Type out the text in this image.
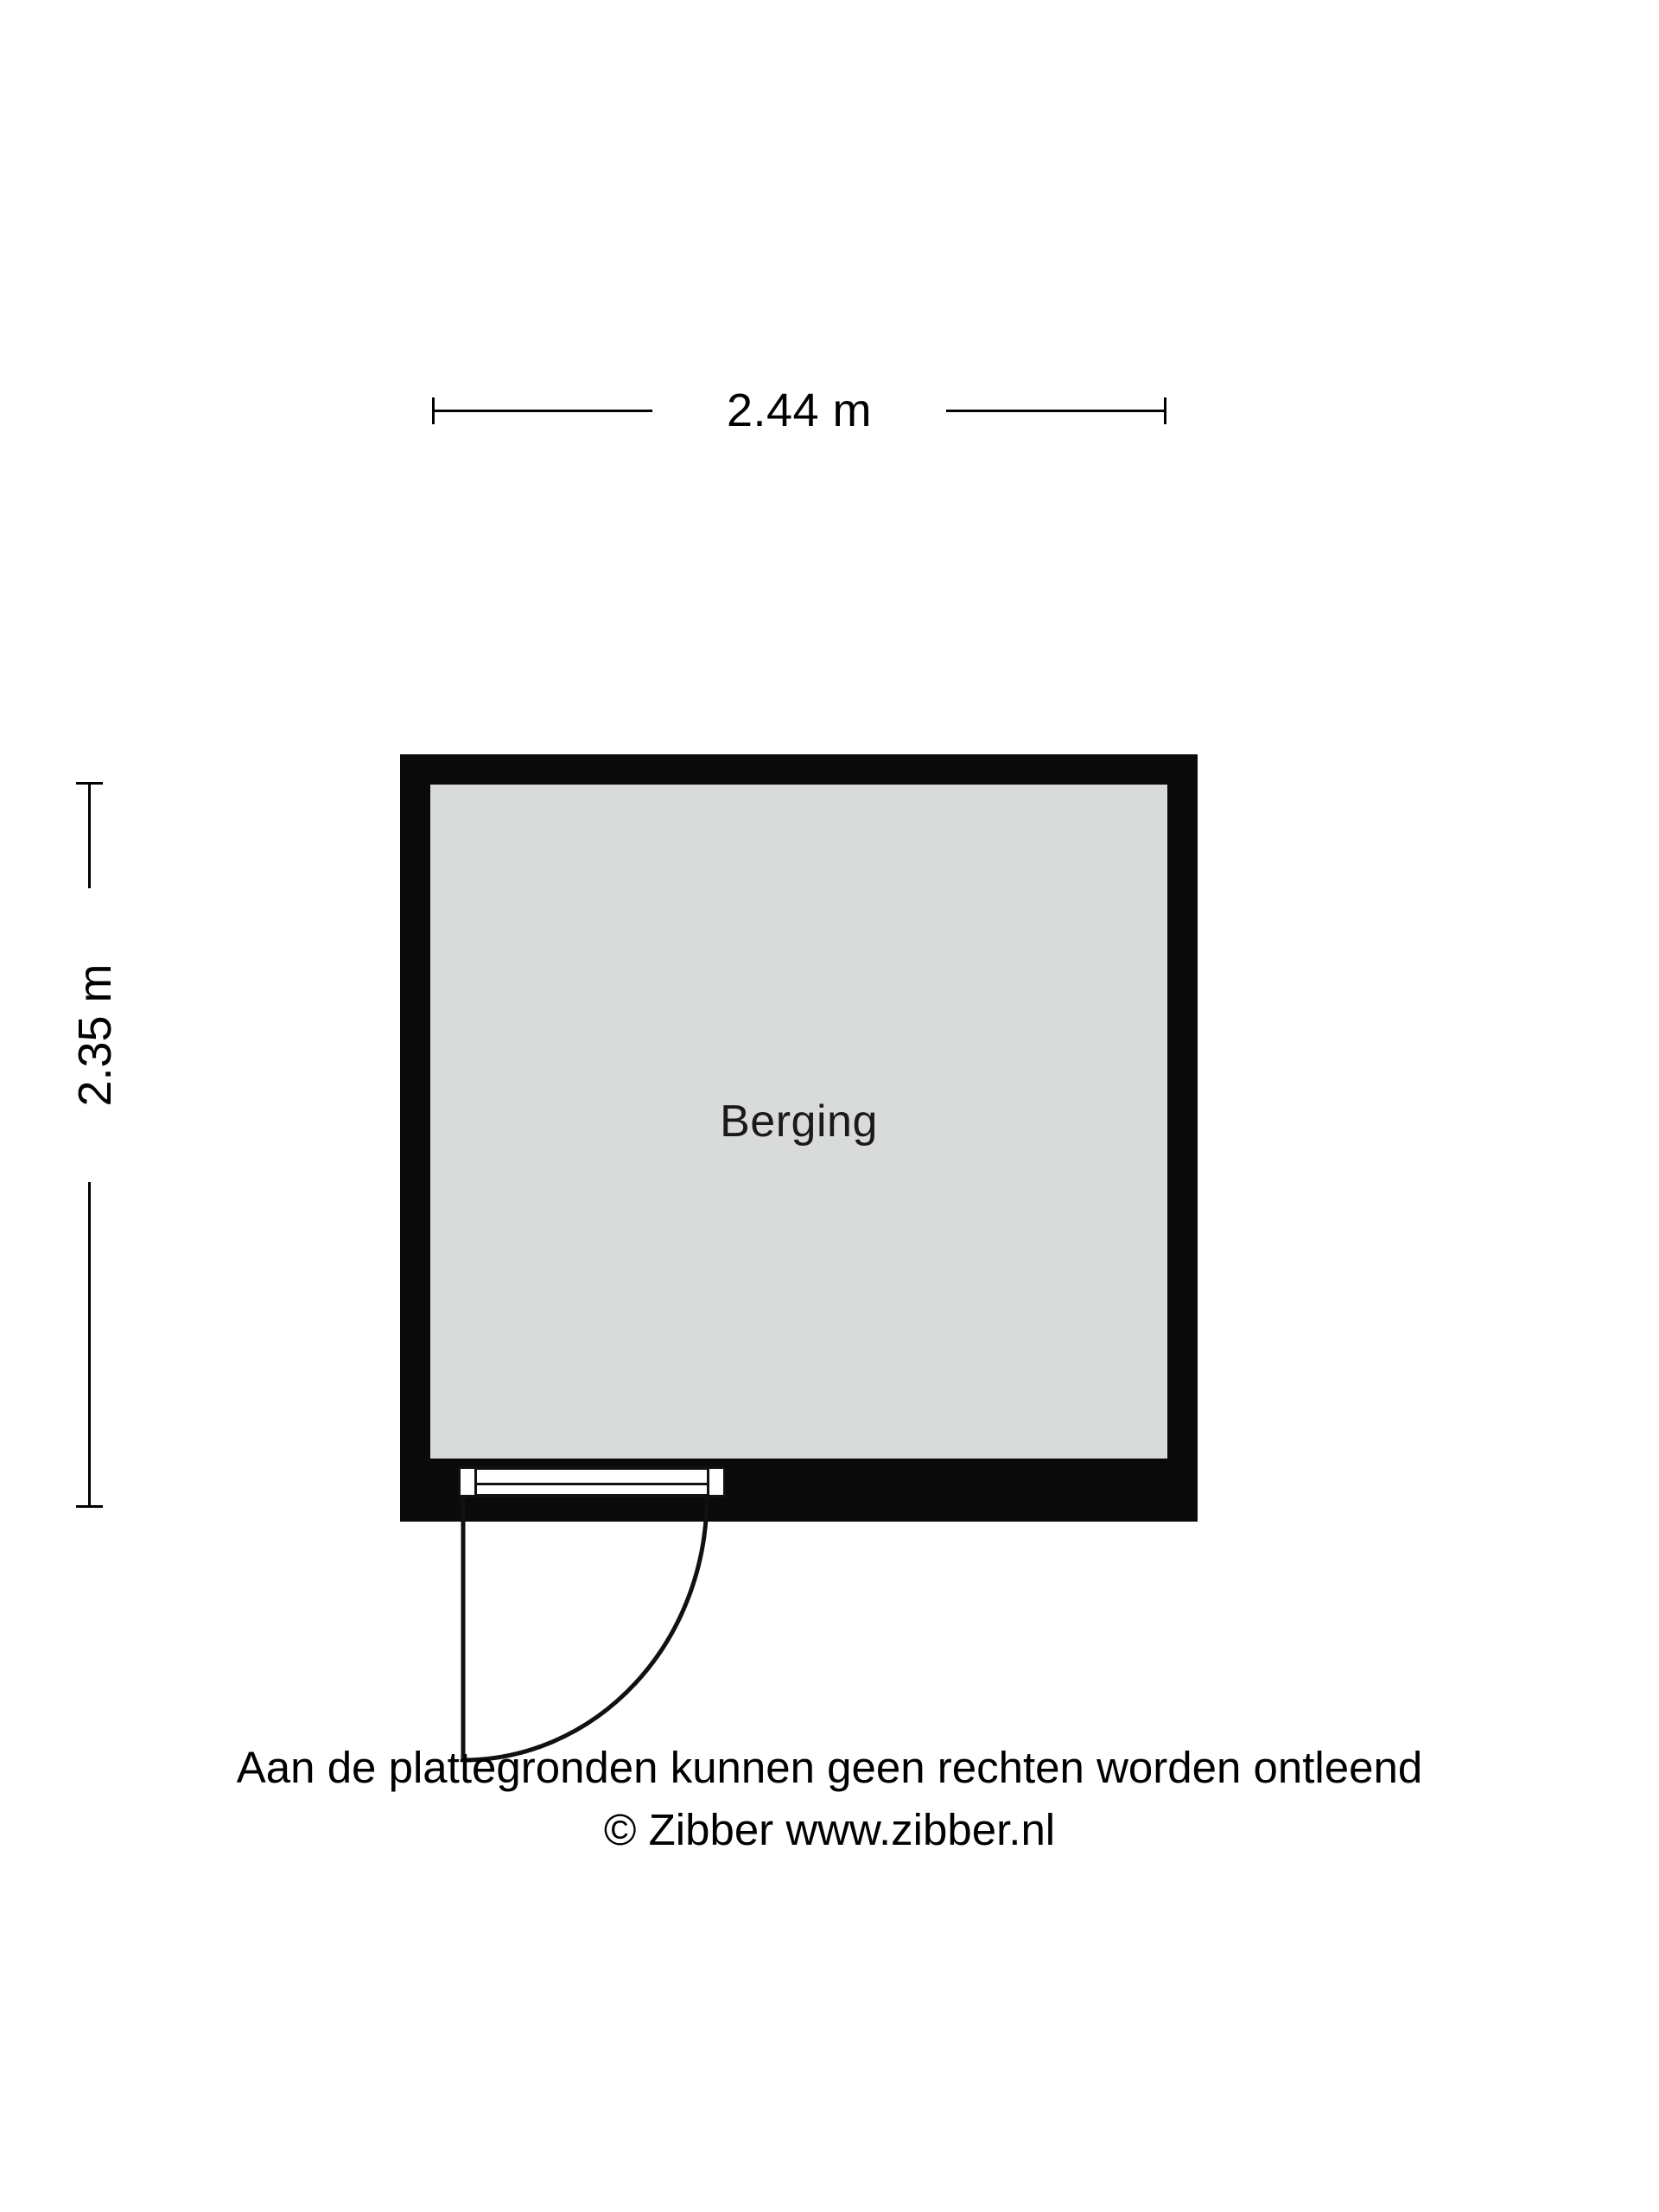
2.44 m
2.35 m
Berging
Aan de plattegronden kunnen geen rechten worden ontleend
© Zibber www.zibber.nl
